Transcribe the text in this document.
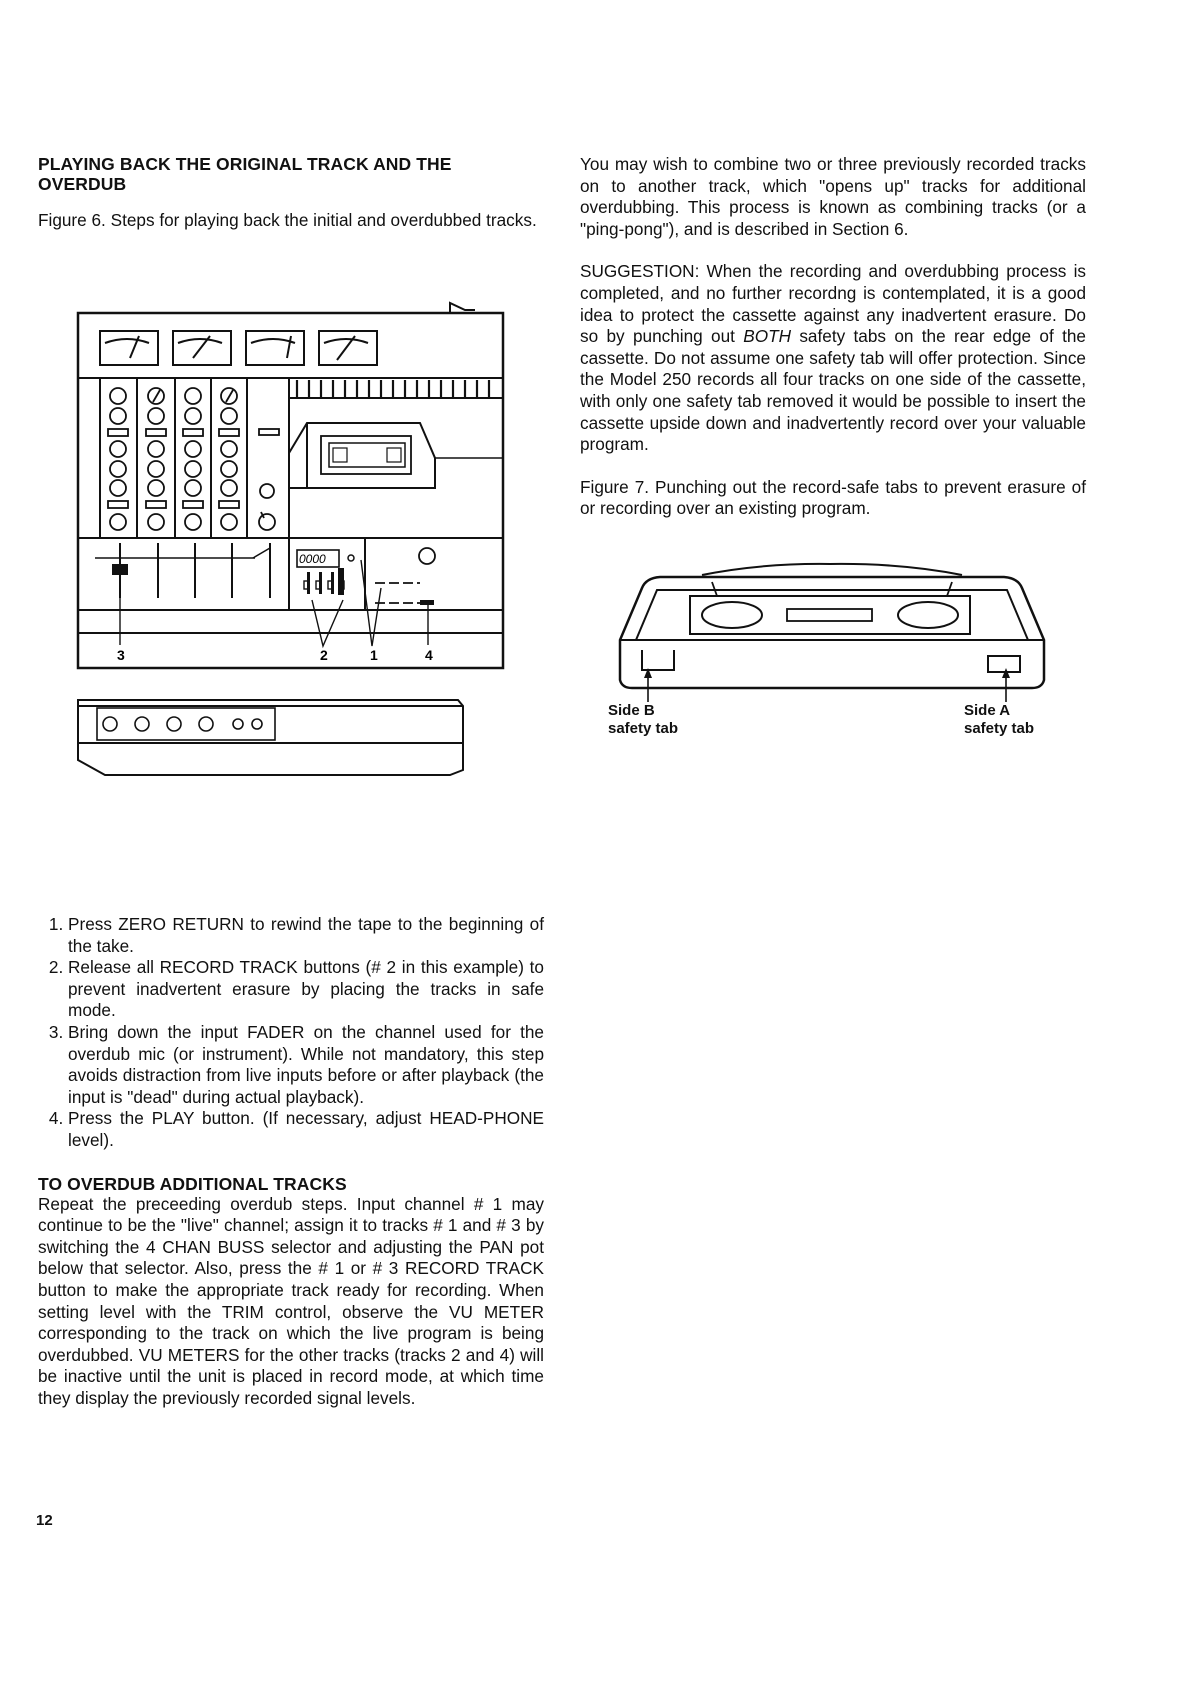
PLAYING BACK THE ORIGINAL TRACK AND THE OVERDUB

Figure 6. Steps for playing back the initial and overdubbed tracks.

0000
3	2	1	4
1. Press ZERO RETURN to rewind the tape to the beginning of the take.
2. Release all RECORD TRACK buttons (# 2 in this example) to prevent inadvertent erasure by placing the tracks in safe mode.
3. Bring down the input FADER on the channel used for the overdub mic (or instrument). While not mandatory, this step avoids distraction from live inputs before or after playback (the input is "dead" during actual playback).
4. Press the PLAY button. (If necessary, adjust HEAD-PHONE level).
TO OVERDUB ADDITIONAL TRACKS

Repeat the preceeding overdub steps. Input channel # 1 may continue to be the "live" channel; assign it to tracks # 1 and # 3 by switching the 4 CHAN BUSS selector and adjusting the PAN pot below that selector. Also, press the # 1 or # 3 RECORD TRACK button to make the appropriate track ready for recording. When setting level with the TRIM control, observe the VU METER corresponding to the track on which the live program is being overdubbed. VU METERS for the other tracks (tracks 2 and 4) will be inactive until the unit is placed in record mode, at which time they display the previously recorded signal levels.

You may wish to combine two or three previously recorded tracks on to another track, which "opens up" tracks for additional overdubbing. This process is known as combining tracks (or a "ping-pong"), and is described in Section 6.

SUGGESTION: When the recording and overdubbing process is completed, and no further recordng is contemplated, it is a good idea to protect the cassette against any inadvertent erasure. Do so by punching out BOTH safety tabs on the rear edge of the cassette. Do not assume one safety tab will offer protection. Since the Model 250 records all four tracks on one side of the cassette, with only one safety tab removed it would be possible to insert the cassette upside down and inadvertently record over your valuable program.

Figure 7. Punching out the record-safe tabs to prevent erasure of or recording over an existing program.

Side B
safety tab
Side A
safety tab
12
